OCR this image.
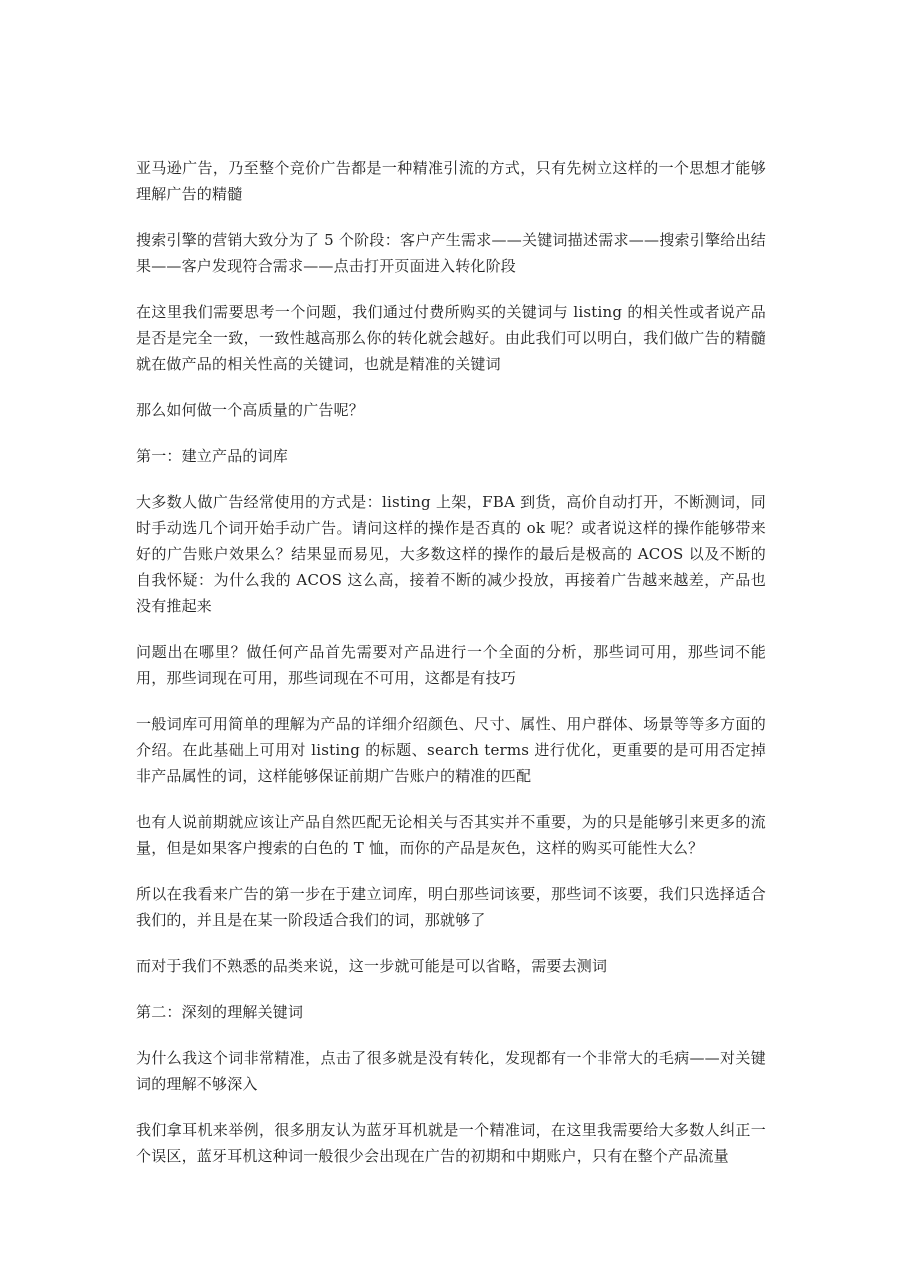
亚马逊广告，乃至整个竞价广告都是一种精准引流的方式，只有先树立这样的一个思想才能够理解广告的精髓

搜索引擎的营销大致分为了 5 个阶段：客户产生需求——关键词描述需求——搜索引擎给出结果——客户发现符合需求——点击打开页面进入转化阶段

在这里我们需要思考一个问题，我们通过付费所购买的关键词与 listing 的相关性或者说产品是否是完全一致，一致性越高那么你的转化就会越好。由此我们可以明白，我们做广告的精髓就在做产品的相关性高的关键词，也就是精准的关键词

那么如何做一个高质量的广告呢？

第一：建立产品的词库

大多数人做广告经常使用的方式是：listing 上架，FBA 到货，高价自动打开，不断测词，同时手动选几个词开始手动广告。请问这样的操作是否真的 ok 呢？或者说这样的操作能够带来好的广告账户效果么？结果显而易见，大多数这样的操作的最后是极高的 ACOS 以及不断的自我怀疑：为什么我的 ACOS 这么高，接着不断的减少投放，再接着广告越来越差，产品也没有推起来

问题出在哪里？做任何产品首先需要对产品进行一个全面的分析，那些词可用，那些词不能用，那些词现在可用，那些词现在不可用，这都是有技巧

一般词库可用简单的理解为产品的详细介绍颜色、尺寸、属性、用户群体、场景等等多方面的介绍。在此基础上可用对 listing 的标题、search terms 进行优化，更重要的是可用否定掉非产品属性的词，这样能够保证前期广告账户的精准的匹配

也有人说前期就应该让产品自然匹配无论相关与否其实并不重要，为的只是能够引来更多的流量，但是如果客户搜索的白色的 T 恤，而你的产品是灰色，这样的购买可能性大么？

所以在我看来广告的第一步在于建立词库，明白那些词该要，那些词不该要，我们只选择适合我们的，并且是在某一阶段适合我们的词，那就够了

而对于我们不熟悉的品类来说，这一步就可能是可以省略，需要去测词

第二：深刻的理解关键词

为什么我这个词非常精准，点击了很多就是没有转化，发现都有一个非常大的毛病——对关键词的理解不够深入

我们拿耳机来举例，很多朋友认为蓝牙耳机就是一个精准词，在这里我需要给大多数人纠正一个误区，蓝牙耳机这种词一般很少会出现在广告的初期和中期账户，只有在整个产品流量
